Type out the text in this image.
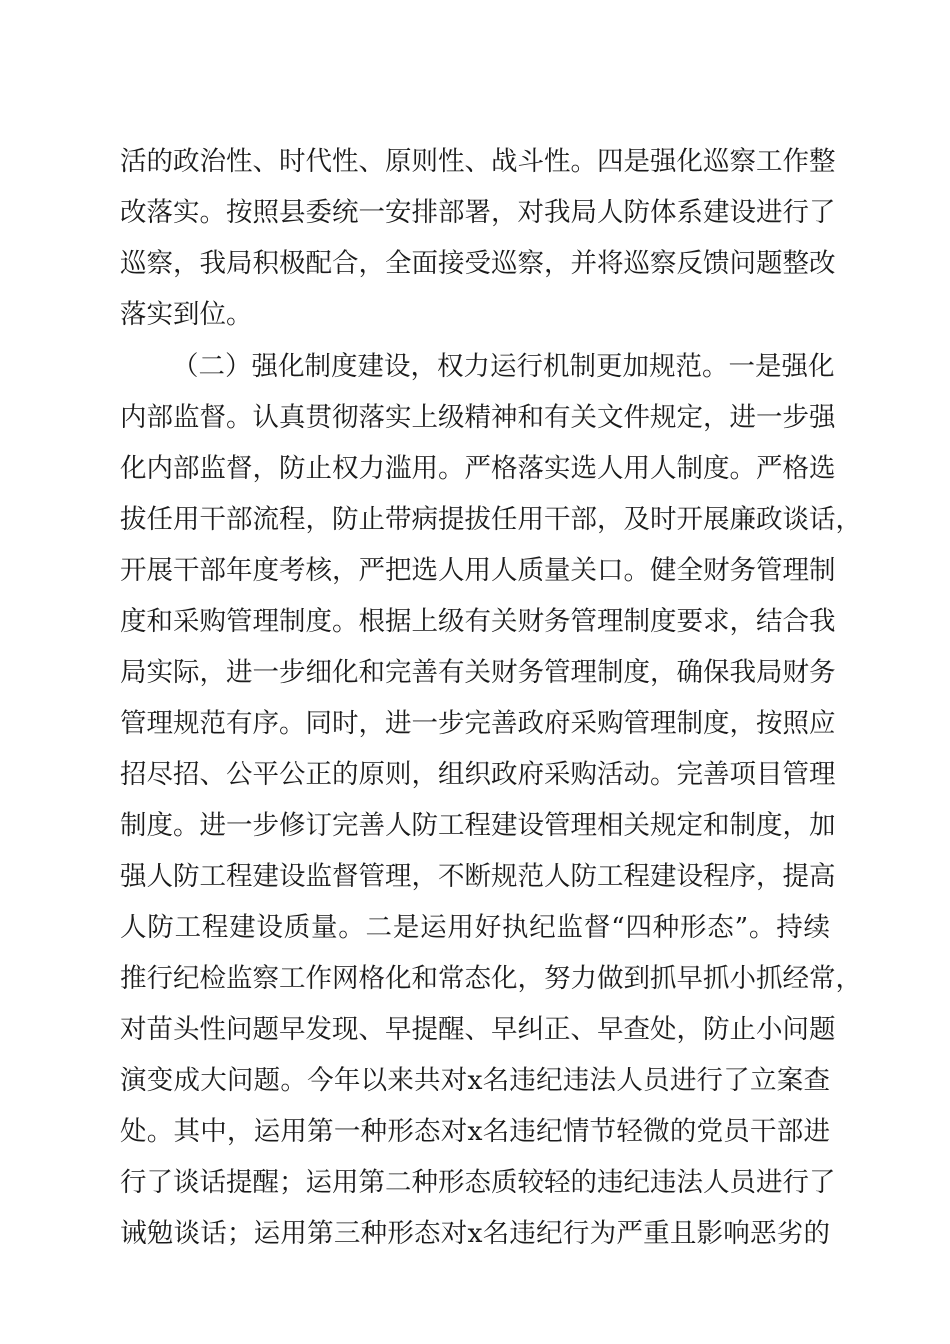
活的政治性、时代性、原则性、战斗性。四是强化巡察工作整
改落实。按照县委统一安排部署，对我局人防体系建设进行了
巡察，我局积极配合，全面接受巡察，并将巡察反馈问题整改
落实到位。
（二）强化制度建设，权力运行机制更加规范。一是强化
内部监督。认真贯彻落实上级精神和有关文件规定，进一步强
化内部监督，防止权力滥用。严格落实选人用人制度。严格选
拔任用干部流程，防止带病提拔任用干部，及时开展廉政谈话，
开展干部年度考核，严把选人用人质量关口。健全财务管理制
度和采购管理制度。根据上级有关财务管理制度要求，结合我
局实际，进一步细化和完善有关财务管理制度，确保我局财务
管理规范有序。同时，进一步完善政府采购管理制度，按照应
招尽招、公平公正的原则，组织政府采购活动。完善项目管理
制度。进一步修订完善人防工程建设管理相关规定和制度，加
强人防工程建设监督管理，不断规范人防工程建设程序，提高
人防工程建设质量。二是运用好执纪监督“四种形态”。持续
推行纪检监察工作网格化和常态化，努力做到抓早抓小抓经常，
对苗头性问题早发现、早提醒、早纠正、早查处，防止小问题
演变成大问题。今年以来共对x名违纪违法人员进行了立案查
处。其中，运用第一种形态对x名违纪情节轻微的党员干部进
行了谈话提醒；运用第二种形态质较轻的违纪违法人员进行了
诫勉谈话；运用第三种形态对x名违纪行为严重且影响恶劣的
